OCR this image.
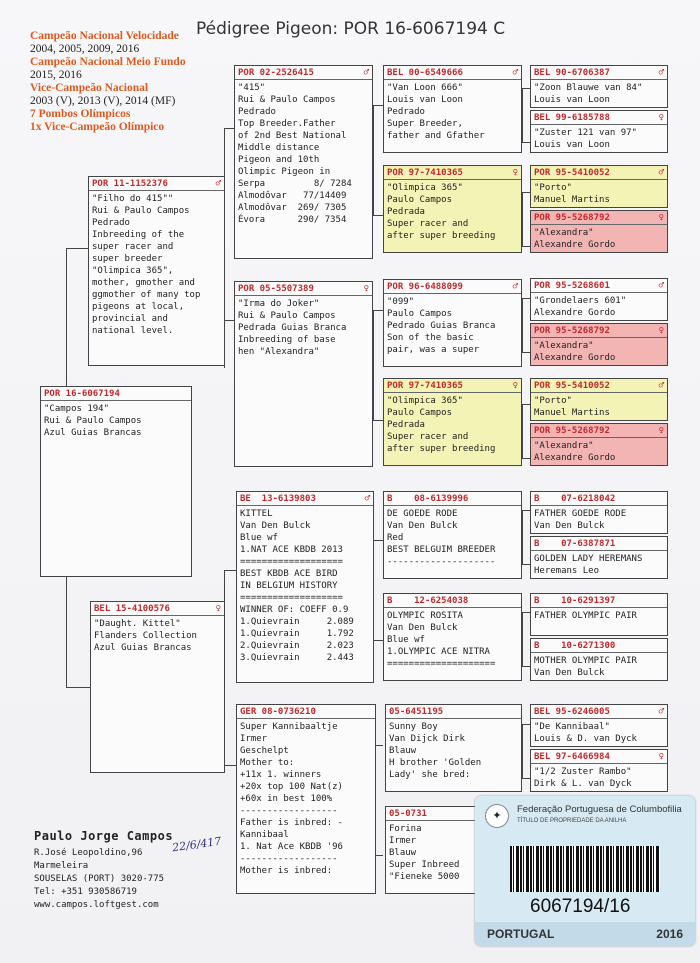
Pédigree Pigeon: POR 16-6067194 C
Campeão Nacional Velocidade
2004, 2005, 2009, 2016
Campeão Nacional Meio Fundo
2015, 2016
Vice-Campeão Nacional
2003 (V), 2013 (V), 2014 (MF)
7 Pombos Olímpicos
1x Vice-Campeão Olímpico
POR 16-6067194
"Campos 194"
Rui & Paulo Campos
Azul Guias Brancas
POR 11-1152376	♂
"Filho do 415""
Rui & Paulo Campos
Pedrado
Inbreeding of the
super racer and
super breeder
"Olimpica 365",
mother, gmother and
ggmother of many top
pigeons at local,
provincial and
national level.
BEL 15-4100576	♀
"Daught. Kittel"
Flanders Collection
Azul Guias Brancas
POR 02-2526415	♂
"415"
Rui & Paulo Campos
Pedrado
Top Breeder.Father
of 2nd Best National
Middle distance
Pigeon and 10th
Olimpic Pigeon in
Serpa         8/ 7284
Almodôvar   77/14409
Almodôvar  269/ 7305
Évora      290/ 7354
POR 05-5507389	♀
"Irma do Joker"
Rui & Paulo Campos
Pedrada Guias Branca
Inbreeding of base
hen "Alexandra"
BE  13-6139803	♂
KITTEL
Van Den Bulck
Blue wf
1.NAT ACE KBDB 2013
===================
BEST KBDB ACE BIRD
IN BELGIUM HISTORY
===================
WINNER OF: COEFF 0.9
1.Quievrain     2.089
1.Quievrain     1.792
2.Quievrain     2.023
3.Quievrain     2.443
GER 08-0736210
Super Kannibaaltje
Irmer
Geschelpt
Mother to:
+11x 1. winners
+20x top 100 Nat(z)
+60x in best 100%
------------------
Father is inbred: -
Kannibaal
1. Nat Ace KBDB '96
------------------
Mother is inbred:
BEL 00-6549666	♂
"Van Loon 666"
Louis van Loon
Pedrado
Super Breeder,
father and Gfather
POR 97-7410365	♀
"Olimpica 365"
Paulo Campos
Pedrada
Super racer and
after super breeding
POR 96-6488099	♂
"099"
Paulo Campos
Pedrado Guias Branca
Son of the basic
pair, was a super
POR 97-7410365	♀
"Olimpica 365"
Paulo Campos
Pedrada
Super racer and
after super breeding
B    08-6139996
DE GOEDE RODE
Van Den Bulck
Red
BEST BELGUIM BREEDER
--------------------
B    12-6254038
OLYMPIC ROSITA
Van Den Bulck
Blue wf
1.OLYMPIC ACE NITRA
====================
05-6451195
Sunny Boy
Van Dijck Dirk
Blauw
H brother 'Golden
Lady' she bred:
05-0731
Forina
Irmer
Blauw
Super Inbreed
"Fieneke 5000
BEL 90-6706387	♂
"Zoon Blauwe van 84"
Louis van Loon
BEL 99-6185788	♀
"Zuster 121 van 97"
Louis van Loon
POR 95-5410052	♂
"Porto"
Manuel Martins
POR 95-5268792	♀
"Alexandra"
Alexandre Gordo
POR 95-5268601	♂
"Grondelaers 601"
Alexandre Gordo
POR 95-5268792	♀
"Alexandra"
Alexandre Gordo
POR 95-5410052	♂
"Porto"
Manuel Martins
POR 95-5268792	♀
"Alexandra"
Alexandre Gordo
B    07-6218042
FATHER GOEDE RODE
Van Den Bulck
B    07-6387871
GOLDEN LADY HEREMANS
Heremans Leo
B    10-6291397
FATHER OLYMPIC PAIR
B    10-6271300
MOTHER OLYMPIC PAIR
Van Den Bulck
BEL 95-6246005	♂
"De Kannibaal"
Louis & D. van Dyck
BEL 97-6466984	♀
"1/2 Zuster Rambo"
Dirk & L. van Dyck
Paulo Jorge Campos
R.José Leopoldino,96
Marmeleira
SOUSELAS (PORT) 3020-775
Tel: +351 930586719
www.campos.loftgest.com
22/6/417
✦	Federação Portuguesa de Columbofilia
TÍTULO DE PROPRIEDADE DA ANILHA
6067194/16
PORTUGAL	2016
